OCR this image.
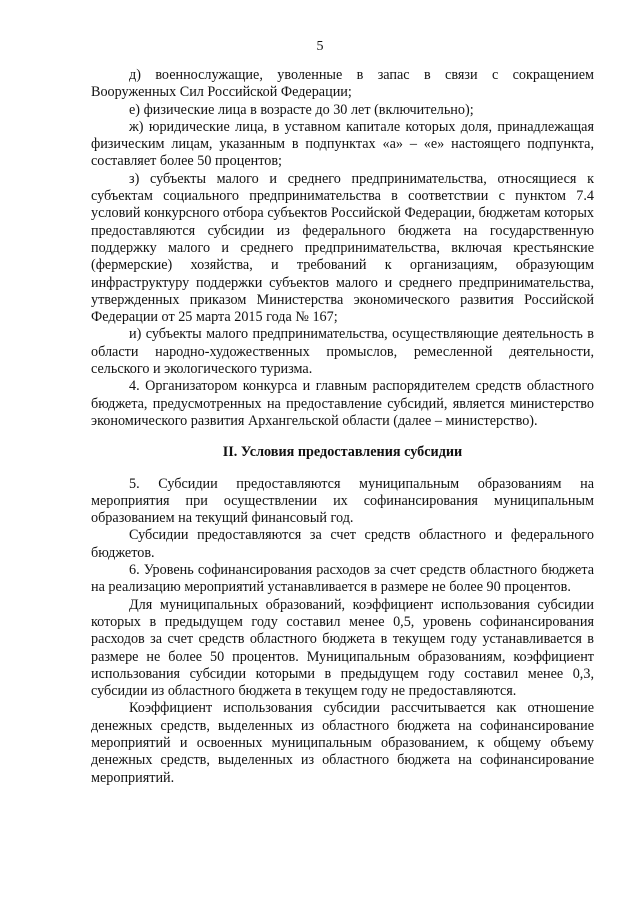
5

д) военнослужащие, уволенные в запас в связи с сокращением Вооруженных Сил Российской Федерации;

е) физические лица в возрасте до 30 лет (включительно);

ж) юридические лица, в уставном капитале которых доля, принадлежащая физическим лицам, указанным в подпунктах «а» – «е» настоящего подпункта, составляет более 50 процентов;

з) субъекты малого и среднего предпринимательства, относящиеся к субъектам социального предпринимательства в соответствии с пунктом 7.4 условий конкурсного отбора субъектов Российской Федерации, бюджетам которых предоставляются субсидии из федерального бюджета на государственную поддержку малого и среднего предпринимательства, включая крестьянские (фермерские) хозяйства, и требований к организациям, образующим инфраструктуру поддержки субъектов малого и среднего предпринимательства, утвержденных приказом Министерства экономического развития Российской Федерации от 25 марта 2015 года № 167;

и) субъекты малого предпринимательства, осуществляющие деятельность в области народно-художественных промыслов, ремесленной деятельности, сельского и экологического туризма.

4. Организатором конкурса и главным распорядителем средств областного бюджета, предусмотренных на предоставление субсидий, является министерство экономического развития Архангельской области (далее – министерство).

II. Условия предоставления субсидии

5. Субсидии предоставляются муниципальным образованиям на мероприятия при осуществлении их софинансирования муниципальным образованием на текущий финансовый год.

Субсидии предоставляются за счет средств областного и федерального бюджетов.

6. Уровень софинансирования расходов за счет средств областного бюджета на реализацию мероприятий устанавливается в размере не более 90 процентов.

Для муниципальных образований, коэффициент использования субсидии которых в предыдущем году составил менее 0,5, уровень софинансирования расходов за счет средств областного бюджета в текущем году устанавливается в размере не более 50 процентов. Муниципальным образованиям, коэффициент использования субсидии которыми в предыдущем году составил менее 0,3, субсидии из областного бюджета в текущем году не предоставляются.

Коэффициент использования субсидии рассчитывается как отношение денежных средств, выделенных из областного бюджета на софинансирование мероприятий и освоенных муниципальным образованием, к общему объему денежных средств, выделенных из областного бюджета на софинансирование мероприятий.
